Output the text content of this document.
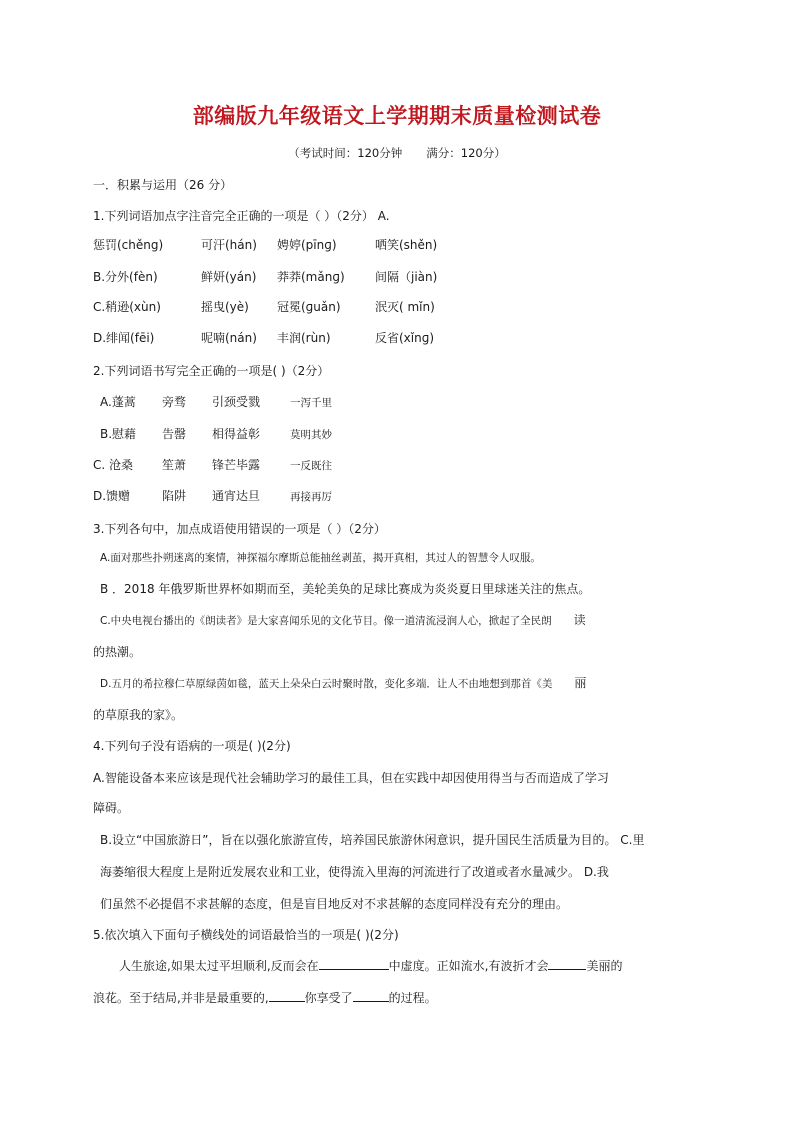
部编版九年级语文上学期期末质量检测试卷
（考试时间：120分钟 满分：120分）
一．积累与运用（26 分）
1.下列词语加点字注音完全正确的一项是（ ）（2分） A.
惩罚(chěng)	可汗(hán) 娉婷(pīnɡ)	哂笑(shěn)
B.分外(fèn)	鲜妍(yán) 莽莽(mǎnɡ)	间隔（jiàn)
C.稍逊(xùn)	摇曳(yè) 冠冕(ɡuǎn)	泯灭( mǐn)
D.绯闻(fēi)	呢喃(nán) 丰润(rùn)	反省(xǐnɡ)
2.下列词语书写完全正确的一项是( )（2分）
A.蓬蒿 旁骛 引颈受戮	一泻千里
B.慰藉 告罄 相得益彰	莫明其妙
C. 沧桑 笙萧 锋芒毕露	一反既往
D.馈赠	陷阱 通宵达旦	再接再厉
3.下列各句中，加点成语使用错误的一项是（ ）（2分）
A.面对那些扑朔迷离的案情，神探福尔摩斯总能抽丝剥茧，揭开真相，其过人的智慧令人叹服。
B ．2018 年俄罗斯世界杯如期而至，美轮美奂的足球比赛成为炎炎夏日里球迷关注的焦点。
C.中央电视台播出的《朗读者》是大家喜闻乐见的文化节目。像一道清流浸润人心，掀起了全民朗 读
的热潮。
D.五月的希拉穆仁草原绿茵如毯，蓝天上朵朵白云时聚时散，变化多端．让人不由地想到那首《美 丽
的草原我的家》。
4.下列句子没有语病的一项是( )(2分)
A.智能设备本来应该是现代社会辅助学习的最佳工具，但在实践中却因使用得当与否而造成了学习
障碍。
B.设立“中国旅游日”，旨在以强化旅游宣传，培养国民旅游休闲意识，提升国民生活质量为目的。 C.里
海萎缩很大程度上是附近发展农业和工业，使得流入里海的河流进行了改道或者水量减少。 D.我
们虽然不必提倡不求甚解的态度，但是盲目地反对不求甚解的态度同样没有充分的理由。
5.依次填入下面句子横线处的词语最恰当的一项是( )(2分)
人生旅途,如果太过平坦顺利,反而会在	中虚度。正如流水,有波折才会	美丽的
浪花。至于结局,并非是最重要的,	你享受了	的过程。
